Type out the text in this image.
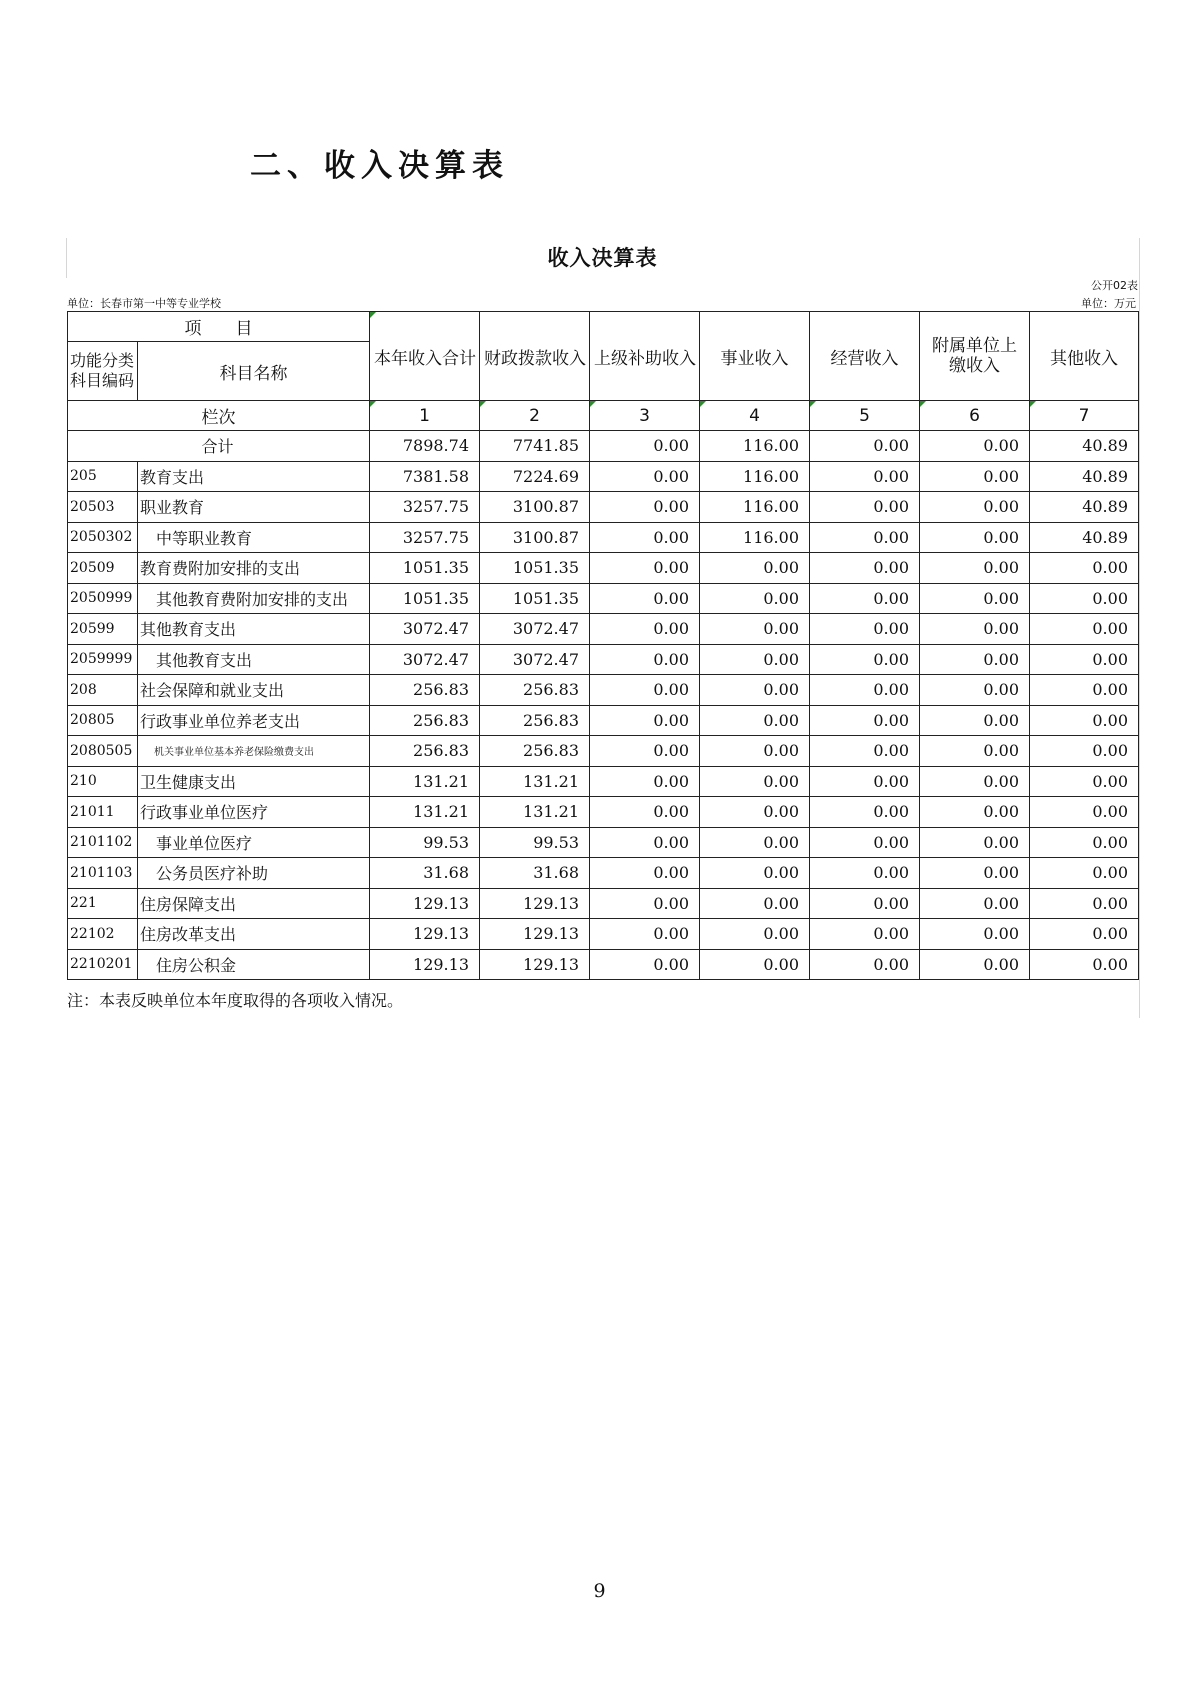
二、收入决算表
收入决算表
公开02表
单位：长春市第一中等专业学校	单位：万元
项　　目		本年收入合计	财政拨款收入	上级补助收入	事业收入	经营收入	附属单位上缴收入	其他收入
功能分类科目编码	科目名称							
栏次		1	2	3	4	5	6	7
合计		7898.74	7741.85	0.00	116.00	0.00	0.00	40.89
205	教育支出	7381.58	7224.69	0.00	116.00	0.00	0.00	40.89
20503	职业教育	3257.75	3100.87	0.00	116.00	0.00	0.00	40.89
2050302	中等职业教育	3257.75	3100.87	0.00	116.00	0.00	0.00	40.89
20509	教育费附加安排的支出	1051.35	1051.35	0.00	0.00	0.00	0.00	0.00
2050999	其他教育费附加安排的支出	1051.35	1051.35	0.00	0.00	0.00	0.00	0.00
20599	其他教育支出	3072.47	3072.47	0.00	0.00	0.00	0.00	0.00
2059999	其他教育支出	3072.47	3072.47	0.00	0.00	0.00	0.00	0.00
208	社会保障和就业支出	256.83	256.83	0.00	0.00	0.00	0.00	0.00
20805	行政事业单位养老支出	256.83	256.83	0.00	0.00	0.00	0.00	0.00
2080505	机关事业单位基本养老保险缴费支出	256.83	256.83	0.00	0.00	0.00	0.00	0.00
210	卫生健康支出	131.21	131.21	0.00	0.00	0.00	0.00	0.00
21011	行政事业单位医疗	131.21	131.21	0.00	0.00	0.00	0.00	0.00
2101102	事业单位医疗	99.53	99.53	0.00	0.00	0.00	0.00	0.00
2101103	公务员医疗补助	31.68	31.68	0.00	0.00	0.00	0.00	0.00
221	住房保障支出	129.13	129.13	0.00	0.00	0.00	0.00	0.00
22102	住房改革支出	129.13	129.13	0.00	0.00	0.00	0.00	0.00
2210201	住房公积金	129.13	129.13	0.00	0.00	0.00	0.00	0.00
注：本表反映单位本年度取得的各项收入情况。
9
